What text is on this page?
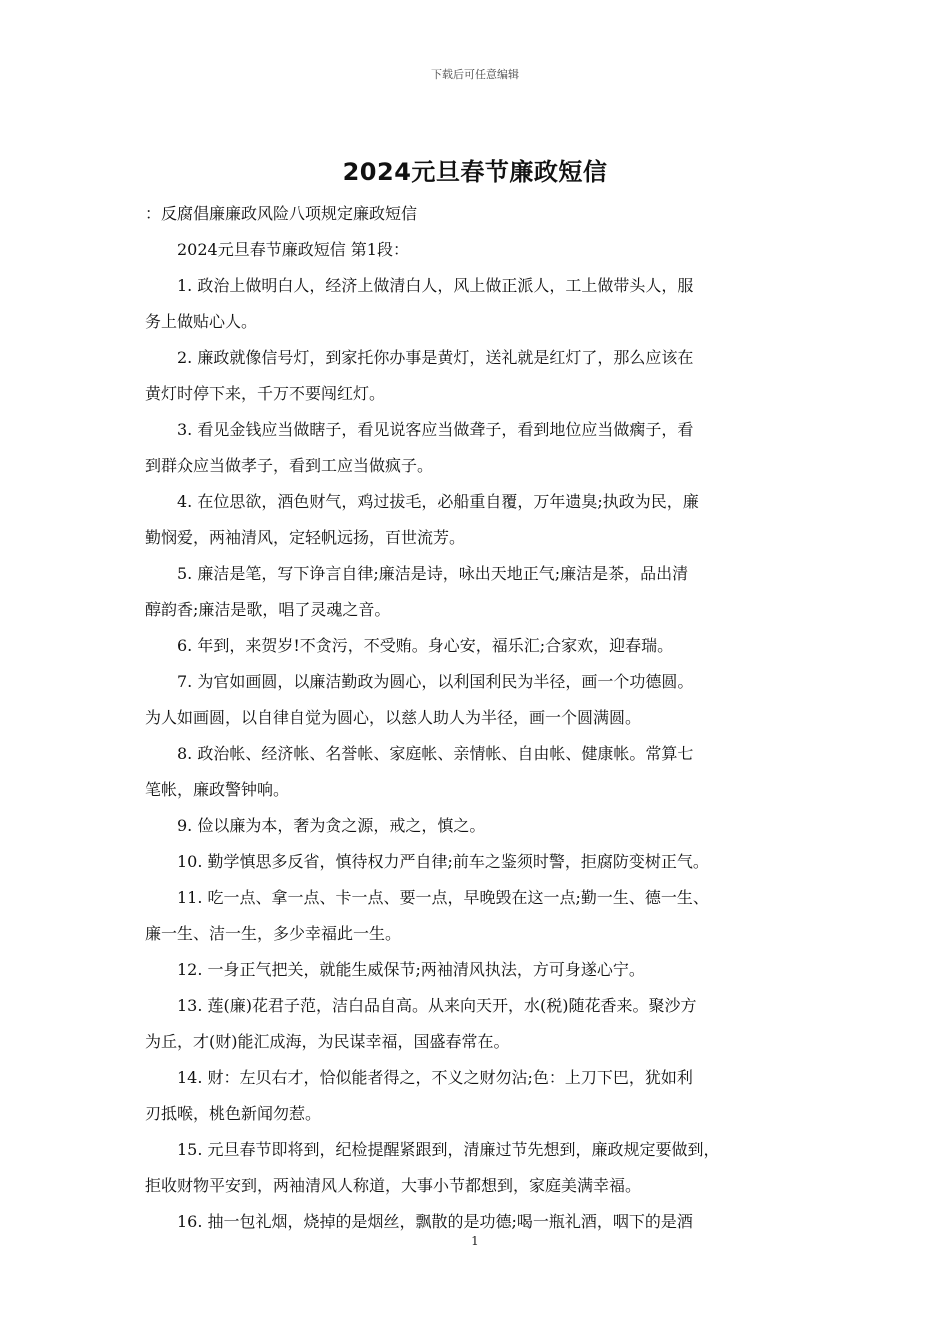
下载后可任意编辑
2024元旦春节廉政短信
：反腐倡廉廉政风险八项规定廉政短信
2024元旦春节廉政短信 第1段：
1. 政治上做明白人，经济上做清白人，风上做正派人，工上做带头人，服
务上做贴心人。
2. 廉政就像信号灯，到家托你办事是黄灯，送礼就是红灯了，那么应该在
黄灯时停下来，千万不要闯红灯。
3. 看见金钱应当做瞎子，看见说客应当做聋子，看到地位应当做瘸子，看
到群众应当做孝子，看到工应当做疯子。
4. 在位思欲，酒色财气，鸡过拔毛，必船重自覆，万年遗臭;执政为民，廉
勤悯爱，两袖清风，定轻帆远扬，百世流芳。
5. 廉洁是笔，写下诤言自律;廉洁是诗，咏出天地正气;廉洁是茶，品出清
醇韵香;廉洁是歌，唱了灵魂之音。
6. 年到，来贺岁!不贪污，不受贿。身心安，福乐汇;合家欢，迎春瑞。
7. 为官如画圆，以廉洁勤政为圆心，以利国利民为半径，画一个功德圆。
为人如画圆，以自律自觉为圆心，以慈人助人为半径，画一个圆满圆。
8. 政治帐、经济帐、名誉帐、家庭帐、亲情帐、自由帐、健康帐。常算七
笔帐，廉政警钟响。
9. 俭以廉为本，奢为贪之源，戒之，慎之。
10. 勤学慎思多反省，慎待权力严自律;前车之鉴须时警，拒腐防变树正气。
11. 吃一点、拿一点、卡一点、要一点，早晚毁在这一点;勤一生、德一生、
廉一生、洁一生，多少幸福此一生。
12. 一身正气把关，就能生威保节;两袖清风执法，方可身遂心宁。
13. 莲(廉)花君子范，洁白品自高。从来向天开，水(税)随花香来。聚沙方
为丘，才(财)能汇成海，为民谋幸福，国盛春常在。
14. 财：左贝右才，恰似能者得之，不义之财勿沾;色：上刀下巴，犹如利
刃抵喉，桃色新闻勿惹。
15. 元旦春节即将到，纪检提醒紧跟到，清廉过节先想到，廉政规定要做到，
拒收财物平安到，两袖清风人称道，大事小节都想到，家庭美满幸福。
16. 抽一包礼烟，烧掉的是烟丝，飘散的是功德;喝一瓶礼酒，咽下的是酒
1
